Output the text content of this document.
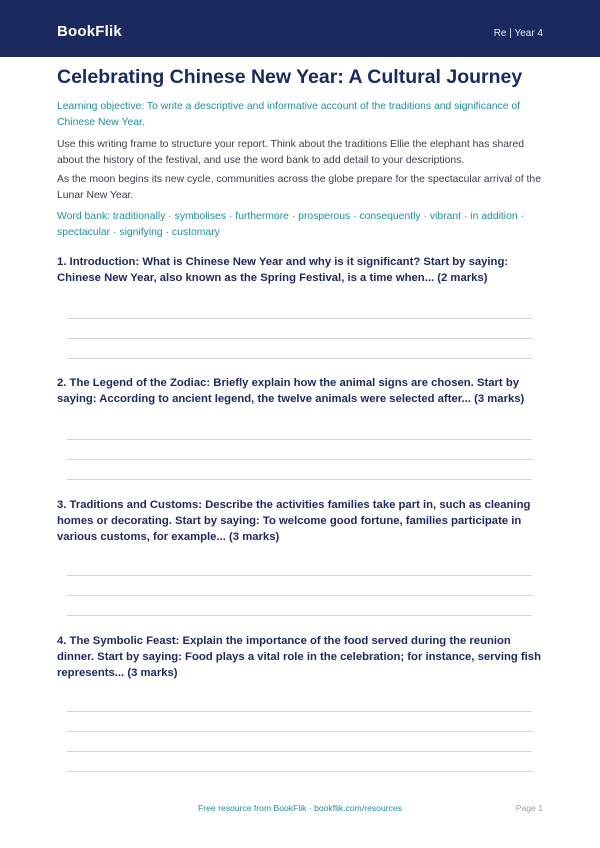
BookFlik	Re | Year 4
Celebrating Chinese New Year: A Cultural Journey

Learning objective: To write a descriptive and informative account of the traditions and significance of Chinese New Year.

Use this writing frame to structure your report. Think about the traditions Ellie the elephant has shared about the history of the festival, and use the word bank to add detail to your descriptions.

As the moon begins its new cycle, communities across the globe prepare for the spectacular arrival of the Lunar New Year.

Word bank: traditionally · symbolises · furthermore · prosperous · consequently · vibrant · in addition · spectacular · signifying · customary

1. Introduction: What is Chinese New Year and why is it significant? Start by saying: Chinese New Year, also known as the Spring Festival, is a time when... (2 marks)

2. The Legend of the Zodiac: Briefly explain how the animal signs are chosen. Start by saying: According to ancient legend, the twelve animals were selected after... (3 marks)

3. Traditions and Customs: Describe the activities families take part in, such as cleaning homes or decorating. Start by saying: To welcome good fortune, families participate in various customs, for example... (3 marks)

4. The Symbolic Feast: Explain the importance of the food served during the reunion dinner. Start by saying: Food plays a vital role in the celebration; for instance, serving fish represents... (3 marks)

Free resource from BookFlik · bookflik.com/resources	Page 1
